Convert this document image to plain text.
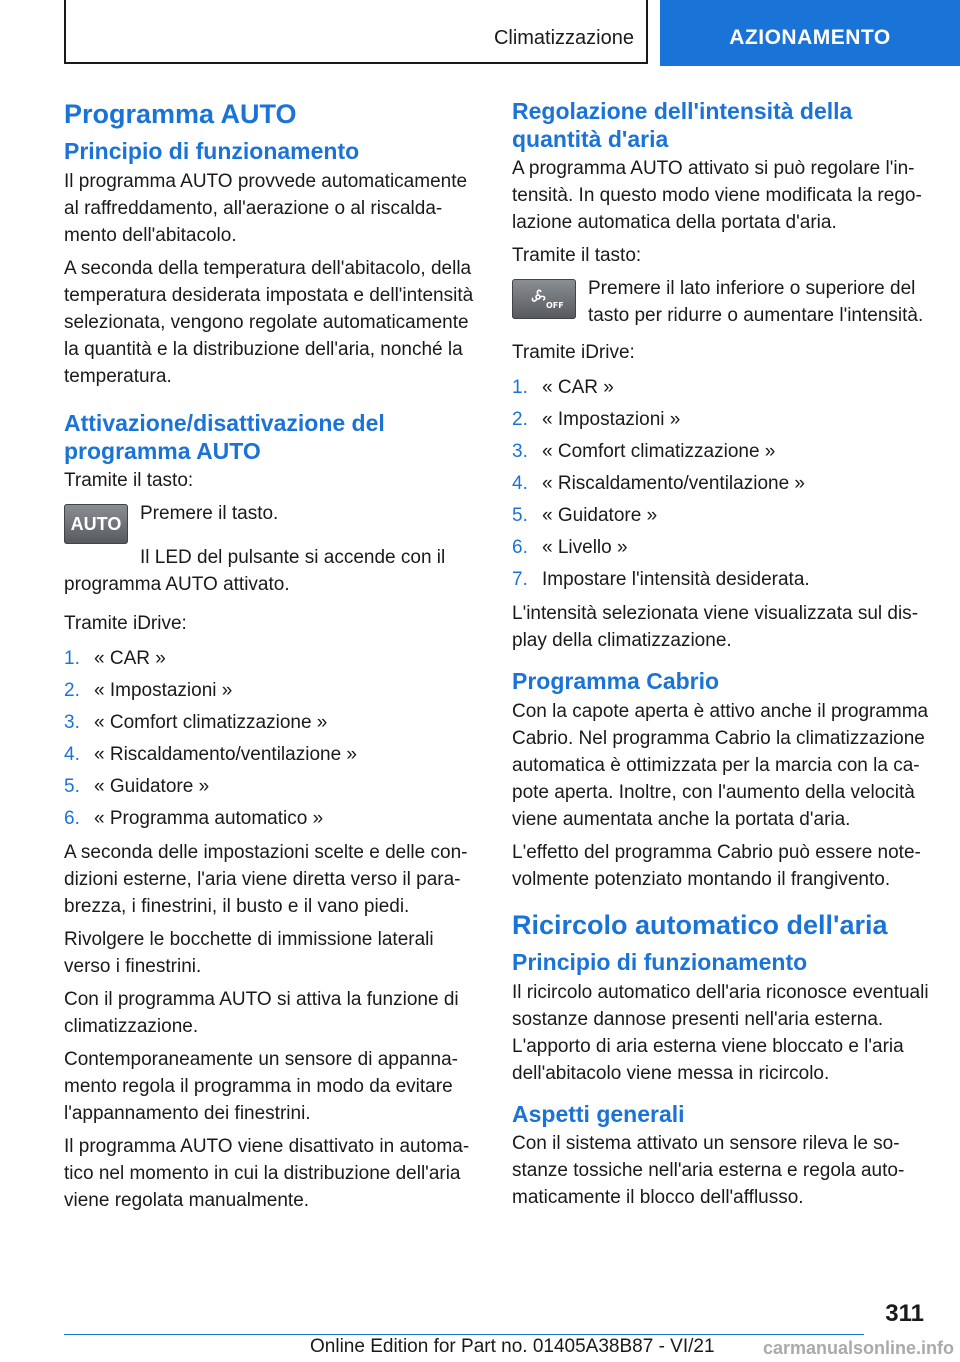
Climatizzazione	AZIONAMENTO
Programma AUTO
Principio di funzionamento

Il programma AUTO provvede automaticamente al raffreddamento, all'aerazione o al riscaldamento dell'abitacolo.

A seconda della temperatura dell'abitacolo, della temperatura desiderata impostata e dell'intensità selezionata, vengono regolate automaticamente la quantità e la distribuzione dell'aria, nonché la temperatura.

Attivazione/disattivazione del programma AUTO

Tramite il tasto:

AUTO Premere il tasto.

Il LED del pulsante si accende con il programma AUTO attivato.

Tramite iDrive:

1. « CAR »
2. « Impostazioni »
3. « Comfort climatizzazione »
4. « Riscaldamento/ventilazione »
5. « Guidatore »
6. « Programma automatico »

A seconda delle impostazioni scelte e delle condizioni esterne, l'aria viene diretta verso il parabrezza, i finestrini, il busto e il vano piedi.

Rivolgere le bocchette di immissione laterali verso i finestrini.

Con il programma AUTO si attiva la funzione di climatizzazione.

Contemporaneamente un sensore di appannamento regola il programma in modo da evitare l'appannamento dei finestrini.

Il programma AUTO viene disattivato in automatico nel momento in cui la distribuzione dell'aria viene regolata manualmente.

Regolazione dell'intensità della quantità d'aria

A programma AUTO attivato si può regolare l'intensità. In questo modo viene modificata la regolazione automatica della portata d'aria.

Tramite il tasto:

OFF
Premere il lato inferiore o superiore del tasto per ridurre o aumentare l'intensità.

Tramite iDrive:

1. « CAR »
2. « Impostazioni »
3. « Comfort climatizzazione »
4. « Riscaldamento/ventilazione »
5. « Guidatore »
6. « Livello »
7. Impostare l'intensità desiderata.

L'intensità selezionata viene visualizzata sul display della climatizzazione.

Programma Cabrio

Con la capote aperta è attivo anche il programma Cabrio. Nel programma Cabrio la climatizzazione automatica è ottimizzata per la marcia con la capote aperta. Inoltre, con l'aumento della velocità viene aumentata anche la portata d'aria.

L'effetto del programma Cabrio può essere notevolmente potenziato montando il frangivento.

Ricircolo automatico dell'aria
Principio di funzionamento

Il ricircolo automatico dell'aria riconosce eventuali sostanze dannose presenti nell'aria esterna. L'apporto di aria esterna viene bloccato e l'aria dell'abitacolo viene messa in ricircolo.

Aspetti generali

Con il sistema attivato un sensore rileva le sostanze tossiche nell'aria esterna e regola automaticamente il blocco dell'afflusso.

311
Online Edition for Part no. 01405A38B87 - VI/21	carmanualsonline.info
